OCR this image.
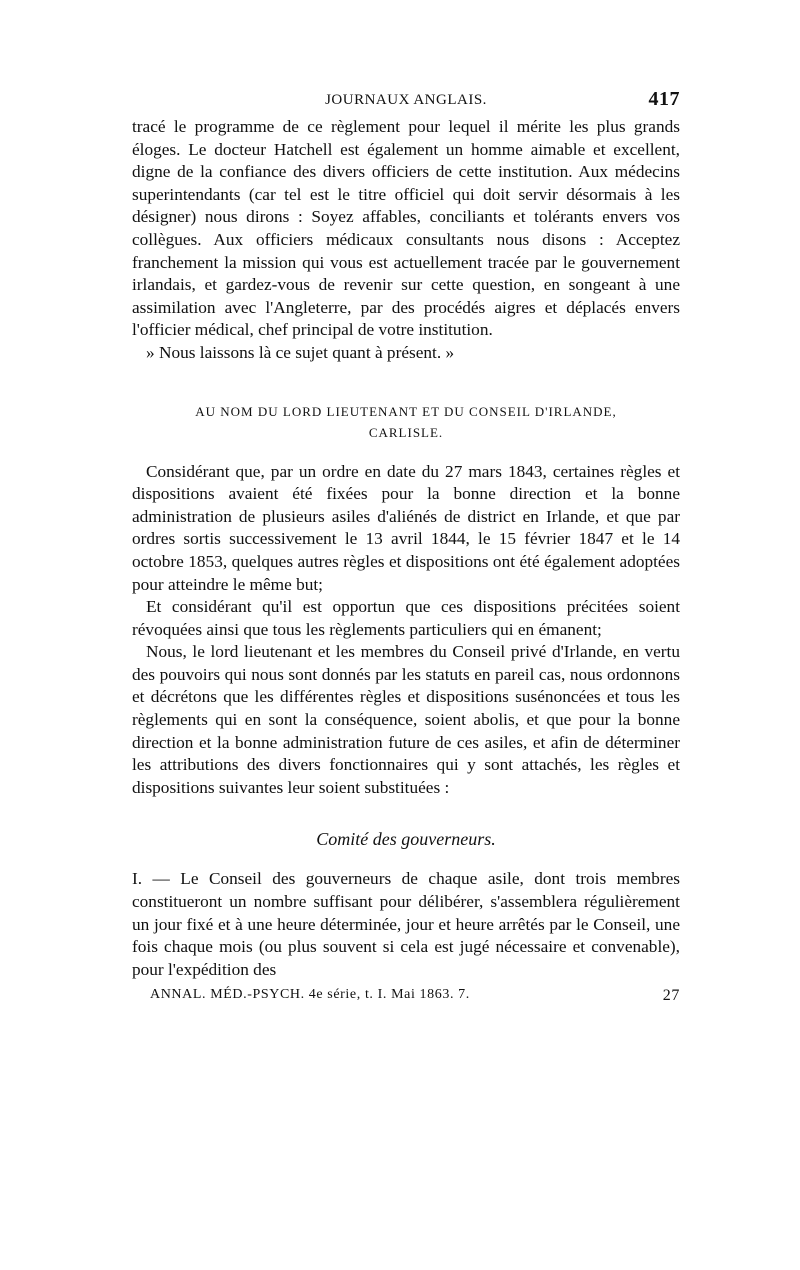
JOURNAUX ANGLAIS.	417

tracé le programme de ce règlement pour lequel il mérite les plus grands éloges. Le docteur Hatchell est également un homme aimable et excellent, digne de la confiance des divers officiers de cette institution. Aux médecins superintendants (car tel est le titre officiel qui doit servir désormais à les désigner) nous dirons : Soyez affables, conciliants et tolérants envers vos collègues. Aux officiers médicaux consultants nous disons : Acceptez franchement la mission qui vous est actuellement tracée par le gouvernement irlandais, et gardez-vous de revenir sur cette question, en songeant à une assimilation avec l'Angleterre, par des procédés aigres et déplacés envers l'officier médical, chef principal de votre institution.

» Nous laissons là ce sujet quant à présent. »

AU NOM DU LORD LIEUTENANT ET DU CONSEIL D'IRLANDE,
CARLISLE.

Considérant que, par un ordre en date du 27 mars 1843, certaines règles et dispositions avaient été fixées pour la bonne direction et la bonne administration de plusieurs asiles d'aliénés de district en Irlande, et que par ordres sortis successivement le 13 avril 1844, le 15 février 1847 et le 14 octobre 1853, quelques autres règles et dispositions ont été également adoptées pour atteindre le même but;

Et considérant qu'il est opportun que ces dispositions précitées soient révoquées ainsi que tous les règlements particuliers qui en émanent;

Nous, le lord lieutenant et les membres du Conseil privé d'Irlande, en vertu des pouvoirs qui nous sont donnés par les statuts en pareil cas, nous ordonnons et décrétons que les différentes règles et dispositions susénoncées et tous les règlements qui en sont la conséquence, soient abolis, et que pour la bonne direction et la bonne administration future de ces asiles, et afin de déterminer les attributions des divers fonctionnaires qui y sont attachés, les règles et dispositions suivantes leur soient substituées :

Comité des gouverneurs.

I. — Le Conseil des gouverneurs de chaque asile, dont trois membres constitueront un nombre suffisant pour délibérer, s'assemblera régulièrement un jour fixé et à une heure déterminée, jour et heure arrêtés par le Conseil, une fois chaque mois (ou plus souvent si cela est jugé nécessaire et convenable), pour l'expédition des

ANNAL. MÉD.-PSYCH. 4e série, t. I. Mai 1863. 7.	27
